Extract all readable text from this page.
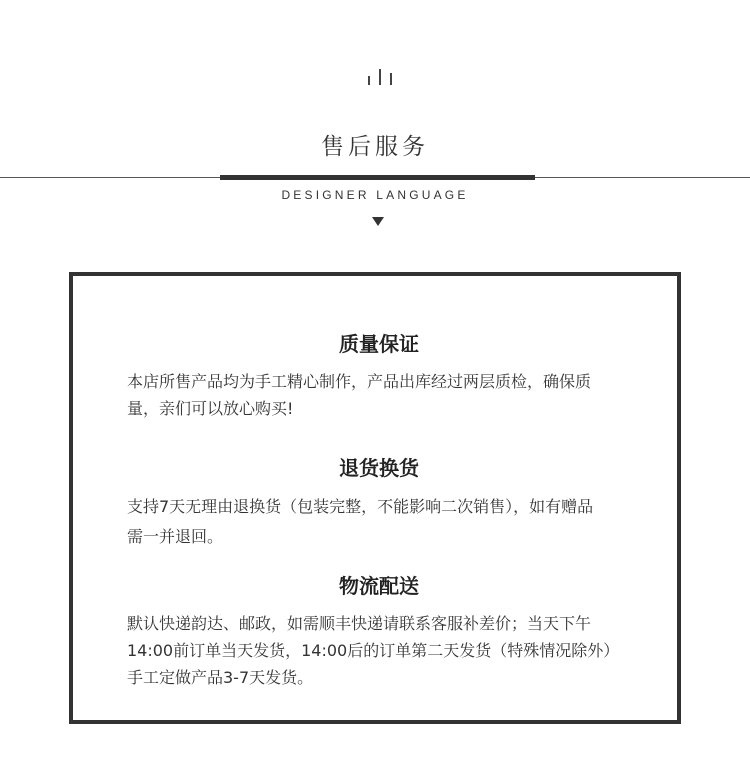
售后服务
DESIGNER LANGUAGE
质量保证
本店所售产品均为手工精心制作，产品出库经过两层质检，确保质
量，亲们可以放心购买!
退货换货
支持7天无理由退换货（包装完整，不能影响二次销售），如有赠品
需一并退回。
物流配送
默认快递韵达、邮政，如需顺丰快递请联系客服补差价；当天下午
14:00前订单当天发货，14:00后的订单第二天发货（特殊情况除外）
手工定做产品3-7天发货。
